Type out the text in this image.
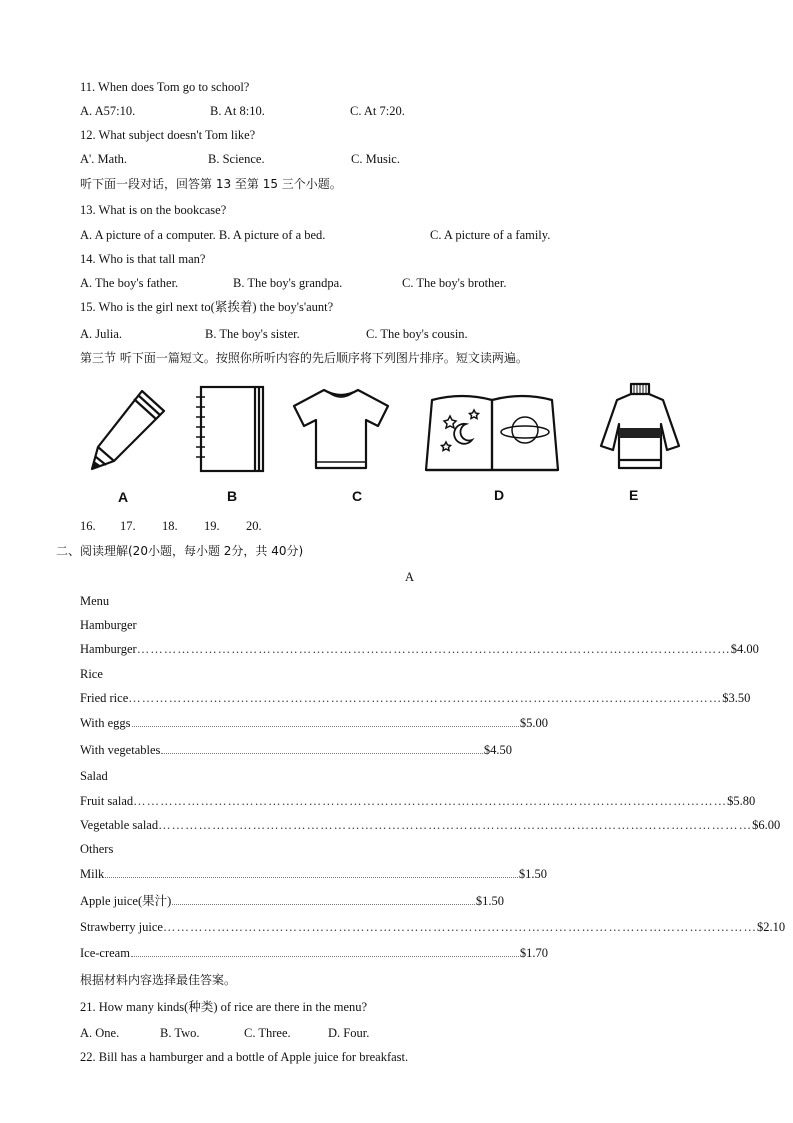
11. When does Tom go to school?
A. A57:10.	B. At 8:10.	C. At 7:20.
12. What subject doesn't Tom like?
A'. Math.	B. Science.	C. Music.
听下面一段对话，回答第 13 至第 15 三个小题。
13. What is on the bookcase?
A. A picture of a computer. B. A picture of a bed.	C. A picture of a family.
14. Who is that tall man?
A. The boy's father.	B. The boy's grandpa.	C. The boy's brother.
15. Who is the girl next to(紧挨着) the boy's'aunt?
A. Julia.	B. The boy's sister.	C. The boy's cousin.
第三节 听下面一篇短文。按照你所听内容的先后顺序将下列图片排序。短文读两遍。
A	B	C	D	E
16. 17. 18. 19. 20.
二、阅读理解(20小题，每小题 2分，共 40分)
A
Menu
Hamburger
Hamburger …………………………………………………………………………………………………………………… $4.00
Rice
Fried rice …………………………………………………………………………………………………………………… $3.50
With eggs	$5.00
With vegetables	$4.50
Salad
Fruit salad …………………………………………………………………………………………………………………… $5.80
Vegetable salad …………………………………………………………………………………………………………………… $6.00
Others
Milk	$1.50
Apple juice(果汁)	$1.50
Strawberry juice …………………………………………………………………………………………………………………… $2.10
Ice-cream	$1.70
根据材料内容选择最佳答案。
21. How many kinds(种类) of rice are there in the menu?
A. One.	B. Two.	C. Three.	D. Four.
22. Bill has a hamburger and a bottle of Apple juice for breakfast.
